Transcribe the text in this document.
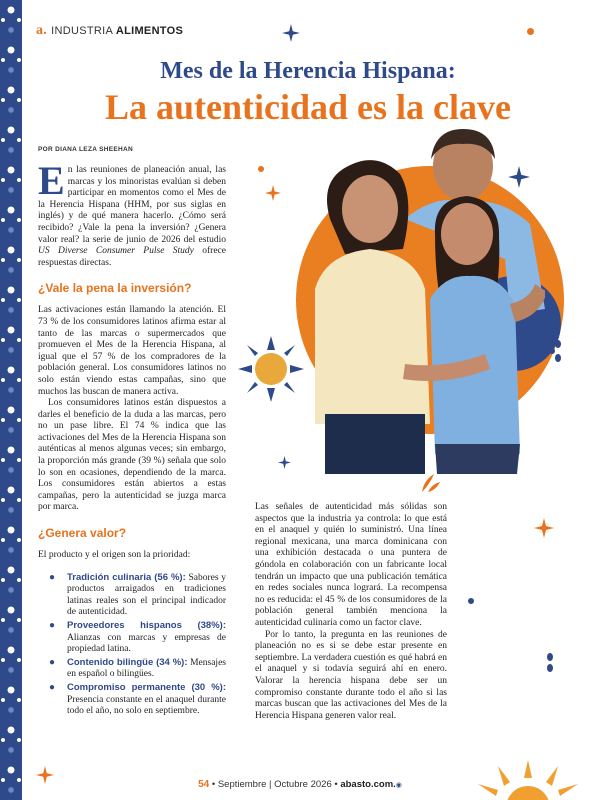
a. INDUSTRIA ALIMENTOS
Mes de la Herencia Hispana:
La autenticidad es la clave
POR DIANA LEZA SHEEHAN

En las reuniones de planeación anual, las marcas y los minoristas evalúan si deben participar en momentos como el Mes de la Herencia Hispana (HHM, por sus siglas en inglés) y de qué manera hacerlo. ¿Cómo será recibido? ¿Vale la pena la inversión? ¿Genera valor real? la serie de junio de 2026 del estudio US Diverse Consumer Pulse Study ofrece respuestas directas.

¿Vale la pena la inversión?

Las activaciones están llamando la atención. El 73 % de los consumidores latinos afirma estar al tanto de las marcas o supermercados que promueven el Mes de la Herencia Hispana, al igual que el 57 % de los compradores de la población general. Los consumidores latinos no solo están viendo estas campañas, sino que muchos las buscan de manera activa.

Los consumidores latinos están dispuestos a darles el beneficio de la duda a las marcas, pero no un pase libre. El 74 % indica que las activaciones del Mes de la Herencia Hispana son auténticas al menos algunas veces; sin embargo, la proporción más grande (39 %) señala que solo lo son en ocasiones, dependiendo de la marca. Los consumidores están abiertos a estas campañas, pero la autenticidad se juzga marca por marca.

¿Genera valor?

El producto y el origen son la prioridad:

● Tradición culinaria (56 %): Sabores y productos arraigados en tradiciones latinas reales son el principal indicador de autenticidad.
● Proveedores hispanos (38%): Alianzas con marcas y empresas de propiedad latina.
● Contenido bilingüe (34 %): Mensajes en español o bilingües.
● Compromiso permanente (30 %): Presencia constante en el anaquel durante todo el año, no solo en septiembre.

Las señales de autenticidad más sólidas son aspectos que la industria ya controla: lo que está en el anaquel y quién lo suministró. Una línea regional mexicana, una marca dominicana con una exhibición destacada o una puntera de góndola en colaboración con un fabricante local tendrán un impacto que una publicación temática en redes sociales nunca logrará. La recompensa no es reducida: el 45 % de los consumidores de la población general también menciona la autenticidad culinaria como un factor clave.

Por lo tanto, la pregunta en las reuniones de planeación no es si se debe estar presente en septiembre. La verdadera cuestión es qué habrá en el anaquel y si todavía seguirá ahí en enero. Valorar la herencia hispana debe ser un compromiso constante durante todo el año si las marcas buscan que las activaciones del Mes de la Herencia Hispana generen valor real.

54 • Septiembre | Octubre 2026 • abasto.com.◉
